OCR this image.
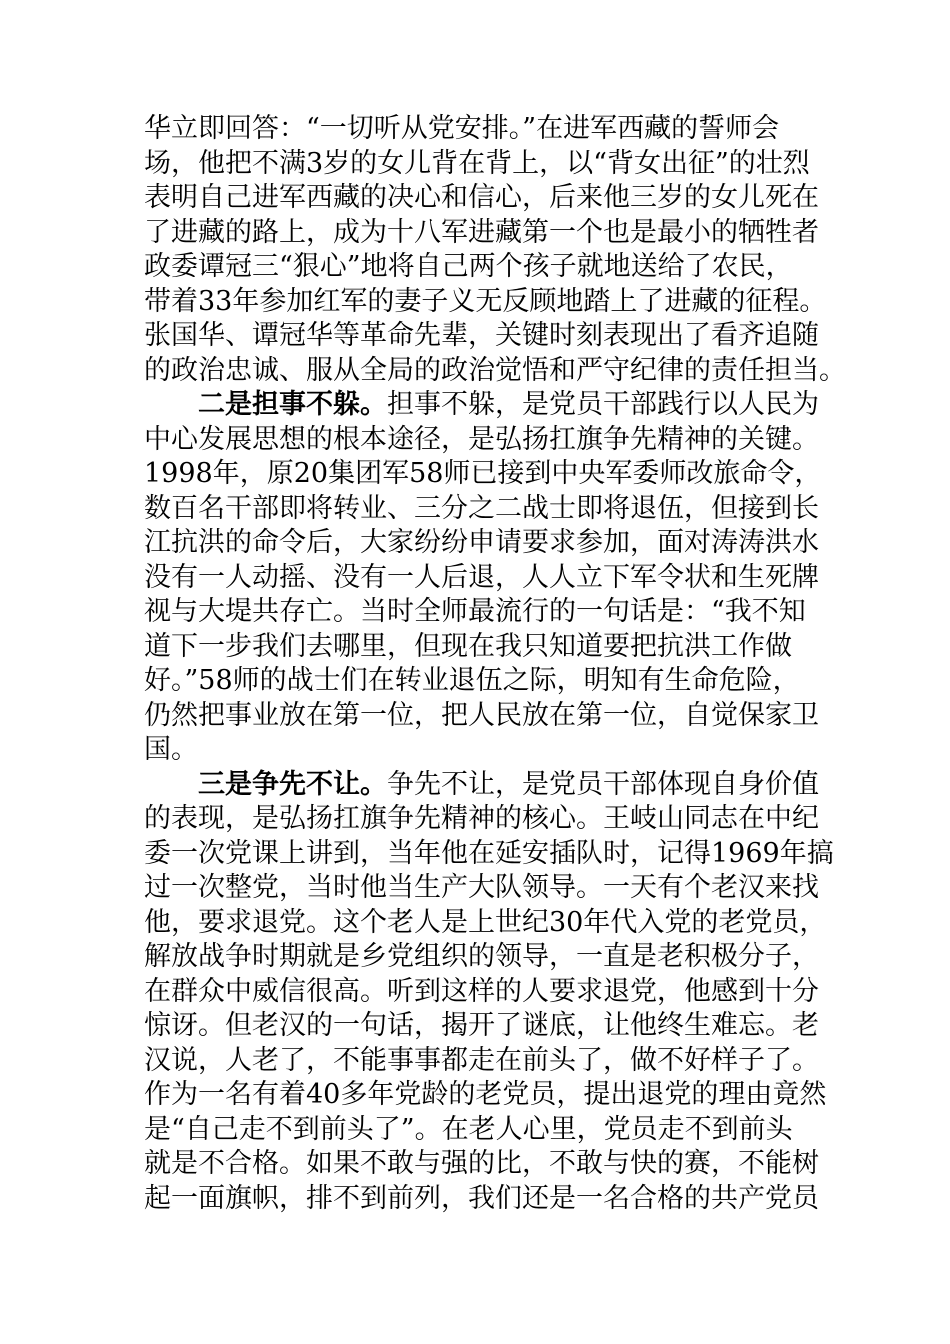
华立即回答：“一切听从党安排。”在进军西藏的誓师会
场，他把不满3岁的女儿背在背上，以“背女出征”的壮烈
表明自己进军西藏的决心和信心，后来他三岁的女儿死在
了进藏的路上，成为十八军进藏第一个也是最小的牺牲者
政委谭冠三“狠心”地将自己两个孩子就地送给了农民，
带着33年参加红军的妻子义无反顾地踏上了进藏的征程。
张国华、谭冠华等革命先辈，关键时刻表现出了看齐追随
的政治忠诚、服从全局的政治觉悟和严守纪律的责任担当。
二是担事不躲。担事不躲，是党员干部践行以人民为
中心发展思想的根本途径，是弘扬扛旗争先精神的关键。
1998年，原20集团军58师已接到中央军委师改旅命令，
数百名干部即将转业、三分之二战士即将退伍，但接到长
江抗洪的命令后，大家纷纷申请要求参加，面对涛涛洪水
没有一人动摇、没有一人后退，人人立下军令状和生死牌
视与大堤共存亡。当时全师最流行的一句话是：“我不知
道下一步我们去哪里，但现在我只知道要把抗洪工作做
好。”58师的战士们在转业退伍之际，明知有生命危险，
仍然把事业放在第一位，把人民放在第一位，自觉保家卫
国。
三是争先不让。争先不让，是党员干部体现自身价值
的表现，是弘扬扛旗争先精神的核心。王岐山同志在中纪
委一次党课上讲到，当年他在延安插队时，记得1969年搞
过一次整党，当时他当生产大队领导。一天有个老汉来找
他，要求退党。这个老人是上世纪30年代入党的老党员，
解放战争时期就是乡党组织的领导，一直是老积极分子，
在群众中威信很高。听到这样的人要求退党，他感到十分
惊讶。但老汉的一句话，揭开了谜底，让他终生难忘。老
汉说，人老了，不能事事都走在前头了，做不好样子了。
作为一名有着40多年党龄的老党员，提出退党的理由竟然
是“自己走不到前头了”。在老人心里，党员走不到前头
就是不合格。如果不敢与强的比，不敢与快的赛，不能树
起一面旗帜，排不到前列，我们还是一名合格的共产党员
